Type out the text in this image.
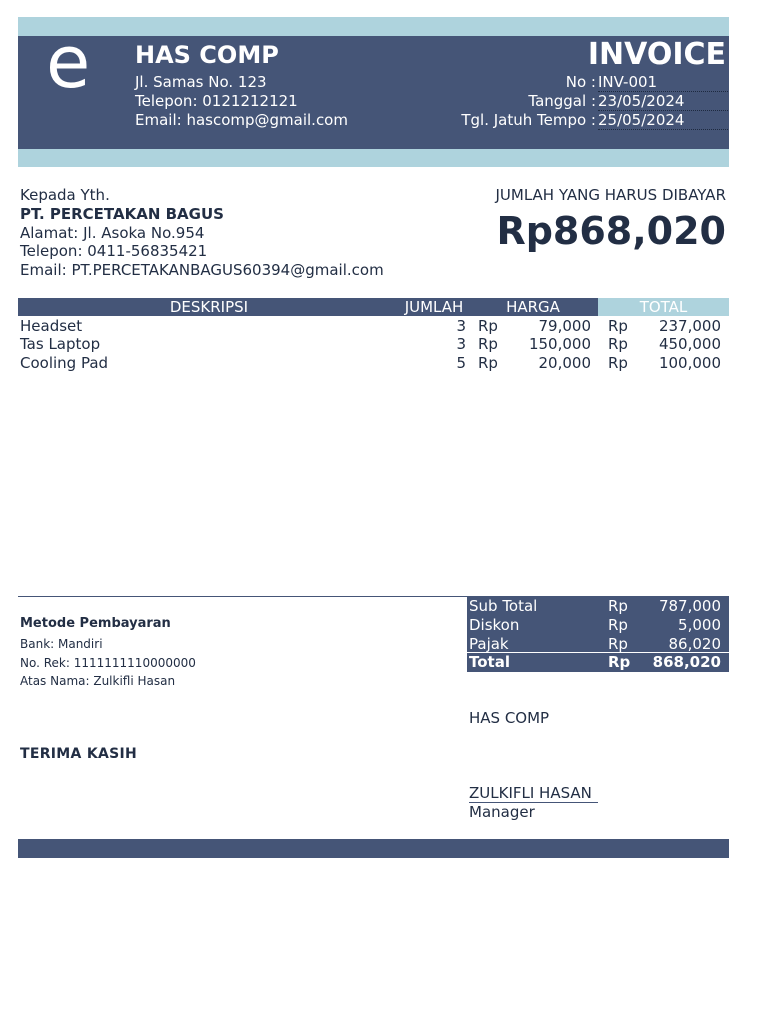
e	HAS COMP
Jl. Samas No. 123
Telepon: 0121212121
Email: hascomp@gmail.com
INVOICE
No : INV-001
Tanggal : 23/05/2024
Tgl. Jatuh Tempo : 25/05/2024
Kepada Yth.
PT. PERCETAKAN BAGUS
Alamat: Jl. Asoka No.954
Telepon: 0411-56835421
Email: PT.PERCETAKANBAGUS60394@gmail.com
JUMLAH YANG HARUS DIBAYAR
Rp868,020
DESKRIPSI	JUMLAH	HARGA	TOTAL
Headset	3 Rp	79,000 Rp	237,000
Tas Laptop	3 Rp	150,000 Rp	450,000
Cooling Pad	5 Rp	20,000 Rp	100,000
Sub Total	Rp	787,000
Diskon	Rp	5,000
Pajak	Rp	86,020
Total	Rp	868,020
Metode Pembayaran
Bank: Mandiri
No. Rek: 1111111110000000
Atas Nama: Zulkifli Hasan
TERIMA KASIH
HAS COMP
ZULKIFLI HASAN
Manager
